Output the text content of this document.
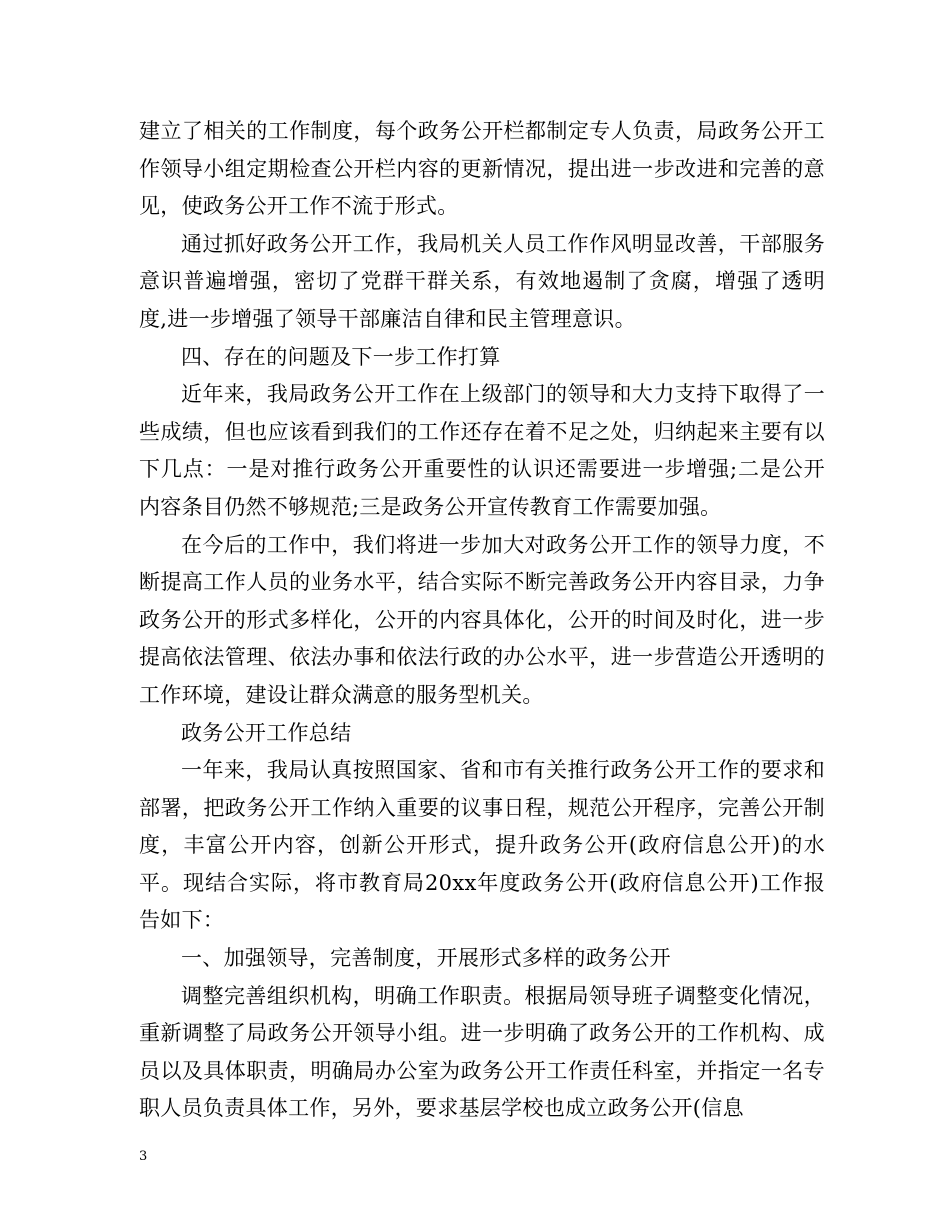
建立了相关的工作制度，每个政务公开栏都制定专人负责，局政务公开工作领导小组定期检查公开栏内容的更新情况，提出进一步改进和完善的意见，使政务公开工作不流于形式。

通过抓好政务公开工作，我局机关人员工作作风明显改善，干部服务意识普遍增强，密切了党群干群关系，有效地遏制了贪腐，增强了透明度,进一步增强了领导干部廉洁自律和民主管理意识。

四、存在的问题及下一步工作打算

近年来，我局政务公开工作在上级部门的领导和大力支持下取得了一些成绩，但也应该看到我们的工作还存在着不足之处，归纳起来主要有以下几点：一是对推行政务公开重要性的认识还需要进一步增强;二是公开内容条目仍然不够规范;三是政务公开宣传教育工作需要加强。

在今后的工作中，我们将进一步加大对政务公开工作的领导力度，不断提高工作人员的业务水平，结合实际不断完善政务公开内容目录，力争政务公开的形式多样化，公开的内容具体化，公开的时间及时化，进一步提高依法管理、依法办事和依法行政的办公水平，进一步营造公开透明的工作环境，建设让群众满意的服务型机关。

政务公开工作总结

一年来，我局认真按照国家、省和市有关推行政务公开工作的要求和部署，把政务公开工作纳入重要的议事日程，规范公开程序，完善公开制度，丰富公开内容，创新公开形式，提升政务公开(政府信息公开)的水平。现结合实际，将市教育局20xx年度政务公开(政府信息公开)工作报告如下：

一、加强领导，完善制度，开展形式多样的政务公开

调整完善组织机构，明确工作职责。根据局领导班子调整变化情况，重新调整了局政务公开领导小组。进一步明确了政务公开的工作机构、成员以及具体职责，明确局办公室为政务公开工作责任科室，并指定一名专职人员负责具体工作，另外，要求基层学校也成立政务公开(信息

3
